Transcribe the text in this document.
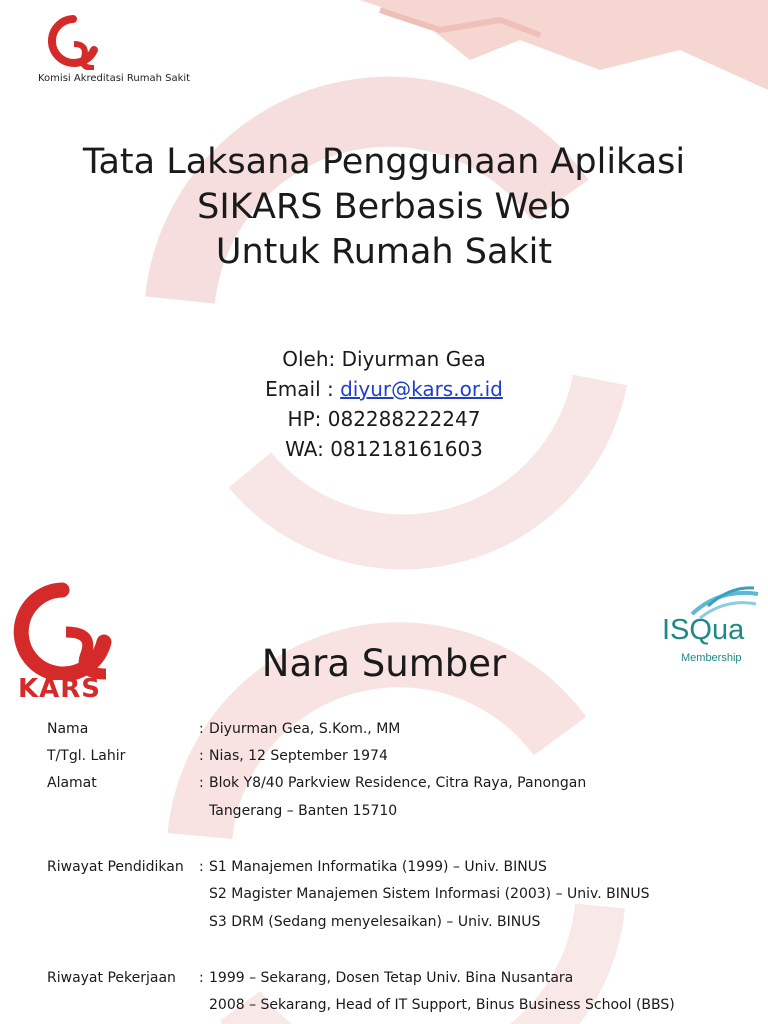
Komisi Akreditasi Rumah Sakit
Tata Laksana Penggunaan Aplikasi
SIKARS Berbasis Web
Untuk Rumah Sakit
Oleh: Diyurman Gea
Email : diyur@kars.or.id
HP: 082288222247
WA: 081218161603
KARS
ISQua
Membership
Nara Sumber
Nama	: Diyurman Gea, S.Kom., MM
T/Tgl. Lahir	: Nias, 12 September 1974
Alamat	: Blok Y8/40 Parkview Residence, Citra Raya, Panongan
Tangerang – Banten 15710
Riwayat Pendidikan	: S1 Manajemen Informatika (1999) – Univ. BINUS
S2 Magister Manajemen Sistem Informasi (2003) – Univ. BINUS
S3 DRM (Sedang menyelesaikan) – Univ. BINUS
Riwayat Pekerjaan	: 1999 – Sekarang, Dosen Tetap Univ. Bina Nusantara
2008 – Sekarang, Head of IT Support, Binus Business School (BBS)
